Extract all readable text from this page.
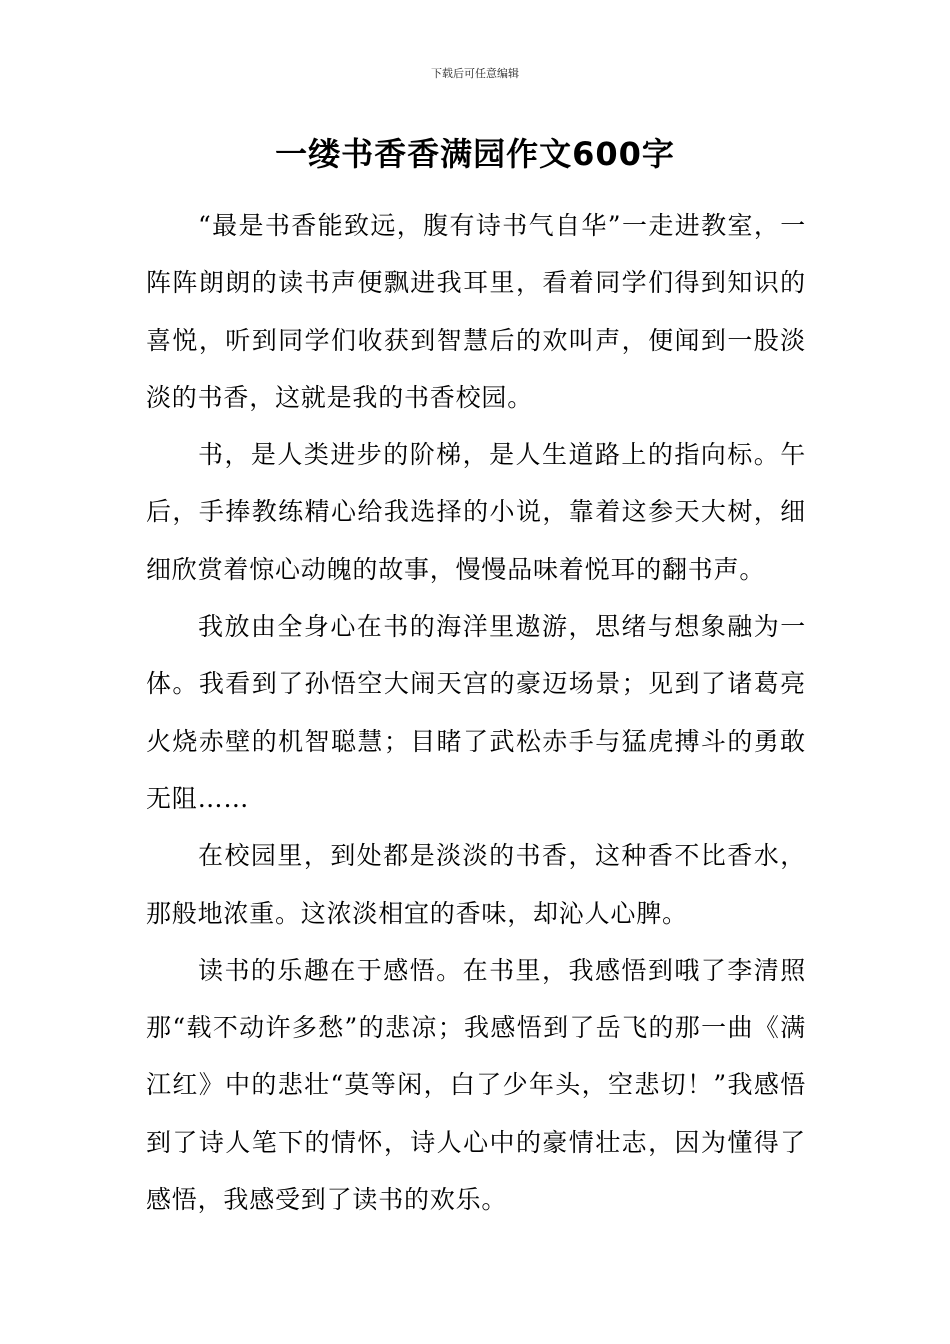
下载后可任意编辑
一缕书香香满园作文600字

“最是书香能致远，腹有诗书气自华”一走进教室，一阵阵朗朗的读书声便飘进我耳里，看着同学们得到知识的喜悦，听到同学们收获到智慧后的欢叫声，便闻到一股淡淡的书香，这就是我的书香校园。

书，是人类进步的阶梯，是人生道路上的指向标。午后，手捧教练精心给我选择的小说，靠着这参天大树，细细欣赏着惊心动魄的故事，慢慢品味着悦耳的翻书声。

我放由全身心在书的海洋里遨游，思绪与想象融为一体。我看到了孙悟空大闹天宫的豪迈场景；见到了诸葛亮火烧赤壁的机智聪慧；目睹了武松赤手与猛虎搏斗的勇敢无阻……

在校园里，到处都是淡淡的书香，这种香不比香水，那般地浓重。这浓淡相宜的香味，却沁人心脾。

读书的乐趣在于感悟。在书里，我感悟到哦了李清照那“载不动许多愁”的悲凉；我感悟到了岳飞的那一曲《满江红》中的悲壮“莫等闲，白了少年头，空悲切！”我感悟到了诗人笔下的情怀，诗人心中的豪情壮志，因为懂得了感悟，我感受到了读书的欢乐。
